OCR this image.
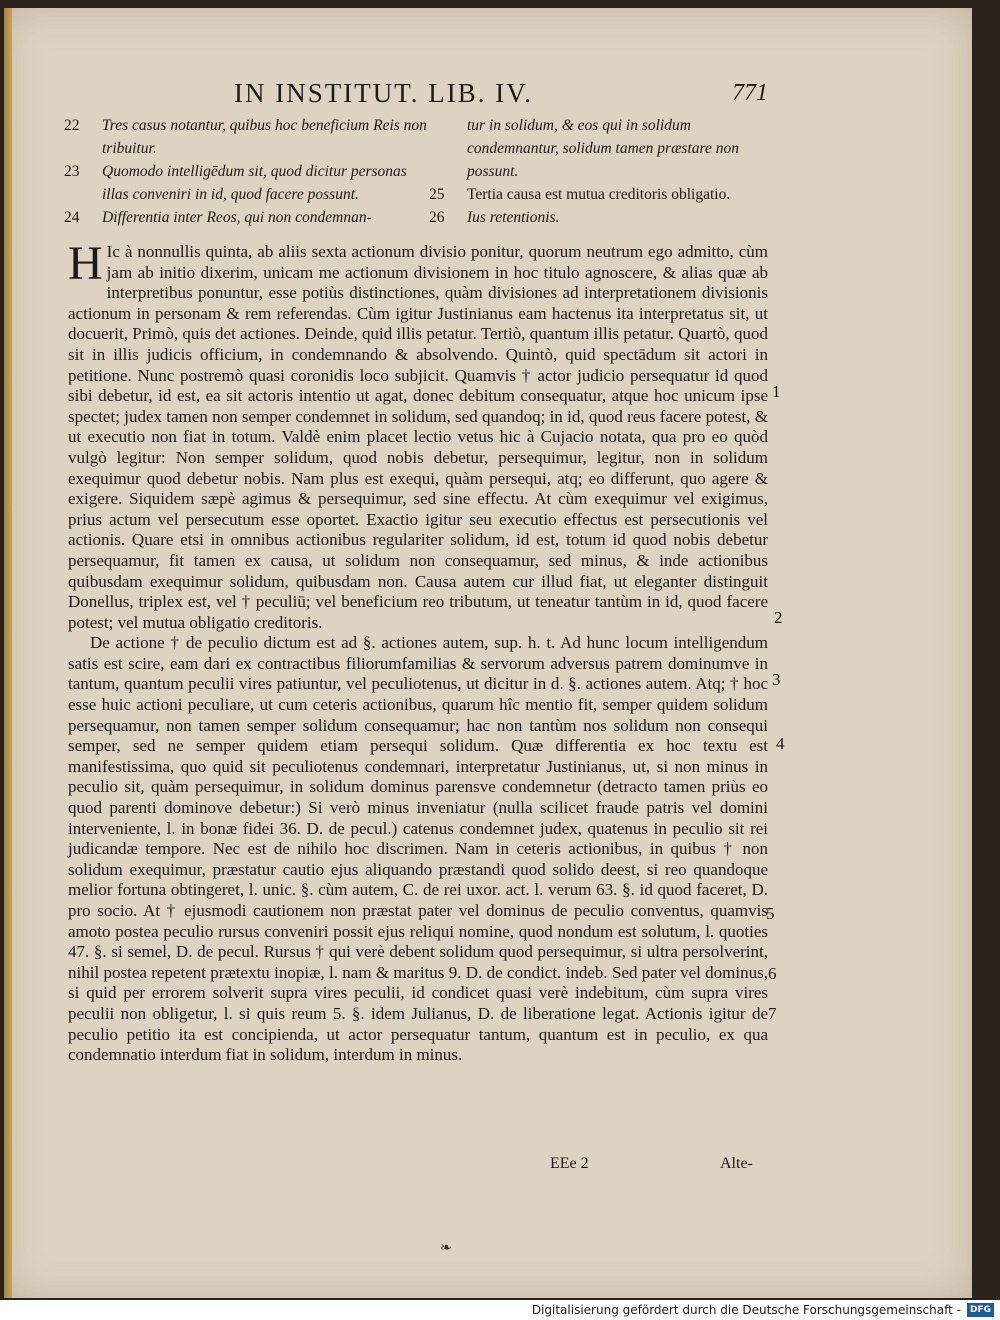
IN INSTITUT. LIB. IV.	771
22 Tres casus notantur, quibus hoc beneficium Reis non tribuitur.
23 Quomodo intelligēdum sit, quod dicitur personas illas conveniri in id, quod facere possunt.
24 Differentia inter Reos, qui non condemnan-
tur in solidum, & eos qui in solidum condemnantur, solidum tamen præstare non possunt.
25 Tertia causa est mutua creditoris obligatio.
26 Ius retentionis.

H Ic à nonnullis quinta, ab aliis sexta actionum divisio ponitur, quorum neutrum ego admitto, cùm jam ab initio dixerim, unicam me actionum divisionem in hoc titulo agnoscere, & alias quæ ab interpretibus ponuntur, esse potiùs distinctiones, quàm divisiones ad interpretationem divisionis actionum in personam & rem referendas. Cùm igitur Justinianus eam hactenus ita interpretatus sit, ut docuerit, Primò, quis det actiones. Deinde, quid illis petatur. Tertiò, quantum illis petatur. Quartò, quod sit in illis judicis officium, in condemnando & absolvendo. Quintò, quid spectādum sit actori in petitione. Nunc postremò quasi coronidis loco subjicit. Quamvis † actor judicio persequatur id quod sibi debetur, id est, ea sit actoris intentio ut agat, donec debitum consequatur, atque hoc unicum ipse spectet; judex tamen non semper condemnet in solidum, sed quandoq; in id, quod reus facere potest, & ut executio non fiat in totum. Valdè enim placet lectio vetus hic à Cujacio notata, qua pro eo quòd vulgò legitur: Non semper solidum, quod nobis debetur, persequimur, legitur, non in solidum exequimur quod debetur nobis. Nam plus est exequi, quàm persequi, atq; eo differunt, quo agere & exigere. Siquidem sæpè agimus & persequimur, sed sine effectu. At cùm exequimur vel exigimus, prius actum vel persecutum esse oportet. Exactio igitur seu executio effectus est persecutionis vel actionis. Quare etsi in omnibus actionibus regulariter solidum, id est, totum id quod nobis debetur persequamur, fit tamen ex causa, ut solidum non consequamur, sed minus, & inde actionibus quibusdam exequimur solidum, quibusdam non. Causa autem cur illud fiat, ut eleganter distinguit Donellus, triplex est, vel † peculiū; vel beneficium reo tributum, ut teneatur tantùm in id, quod facere potest; vel mutua obligatio creditoris.

De actione † de peculio dictum est ad §. actiones autem, sup. h. t. Ad hunc locum intelligendum satis est scire, eam dari ex contractibus filiorumfamilias & servorum adversus patrem dominumve in tantum, quantum peculii vires patiuntur, vel peculiotenus, ut dicitur in d. §. actiones autem. Atq; † hoc esse huic actioni peculiare, ut cum ceteris actionibus, quarum hîc mentio fit, semper quidem solidum persequamur, non tamen semper solidum consequamur; hac non tantùm nos solidum non consequi semper, sed ne semper quidem etiam persequi solidum. Quæ differentia ex hoc textu est manifestissima, quo quid sit peculiotenus condemnari, interpretatur Justinianus, ut, si non minus in peculio sit, quàm persequimur, in solidum dominus parensve condemnetur (detracto tamen priùs eo quod parenti dominove debetur:) Si verò minus inveniatur (nulla scilicet fraude patris vel domini interveniente, l. in bonæ fidei 36. D. de pecul.) catenus condemnet judex, quatenus in peculio sit rei judicandæ tempore. Nec est de nihilo hoc discrimen. Nam in ceteris actionibus, in quibus † non solidum exequimur, præstatur cautio ejus aliquando præstandi quod solido deest, si reo quandoque melior fortuna obtingeret, l. unic. §. cùm autem, C. de rei uxor. act. l. verum 63. §. id quod faceret, D. pro socio. At † ejusmodi cautionem non præstat pater vel dominus de peculio conventus, quamvis amoto postea peculio rursus conveniri possit ejus reliqui nomine, quod nondum est solutum, l. quoties 47. §. si semel, D. de pecul. Rursus † qui verè debent solidum quod persequimur, si ultra persolverint, nihil postea repetent prætextu inopiæ, l. nam & maritus 9. D. de condict. indeb. Sed pater vel dominus, si quid per errorem solverit supra vires peculii, id condicet quasi verè indebitum, cùm supra vires peculii non obligetur, l. si quis reum 5. §. idem Julianus, D. de liberatione legat. Actionis igitur de peculio petitio ita est concipienda, ut actor persequatur tantum, quantum est in peculio, ex qua condemnatio interdum fiat in solidum, interdum in minus.

1
2
3
4
5
6
7
EEe 2	Alte-
❧
Digitalisierung gefördert durch die Deutsche Forschungsgemeinschaft -	DFG
